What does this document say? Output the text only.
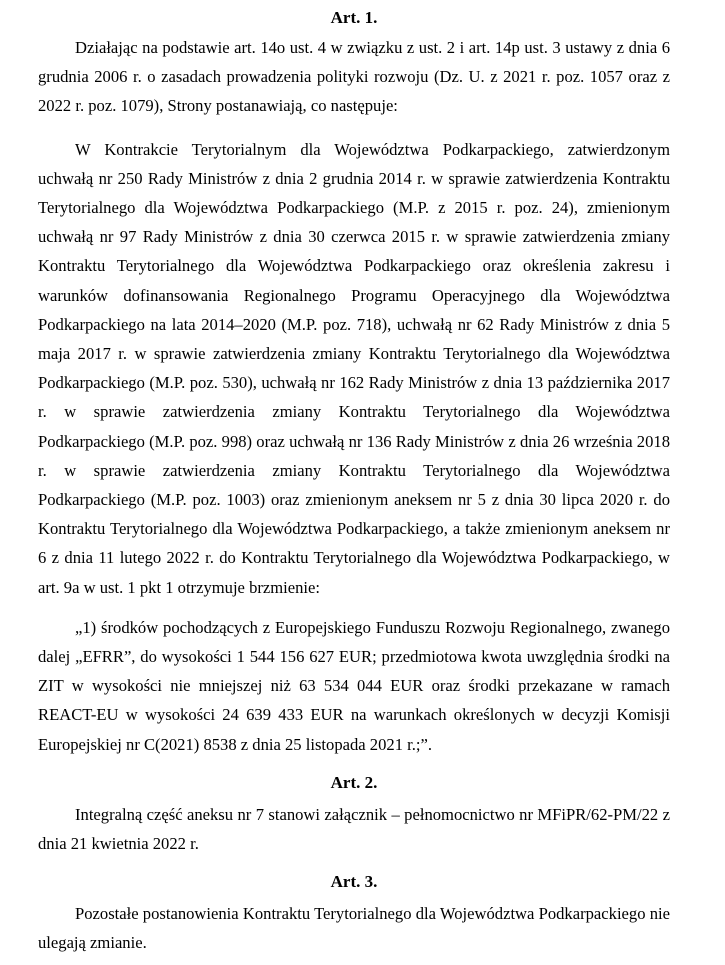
Art. 1.

Działając na podstawie art. 14o ust. 4 w związku z ust. 2 i art. 14p ust. 3 ustawy z dnia 6 grudnia 2006 r. o zasadach prowadzenia polityki rozwoju (Dz. U. z 2021 r. poz. 1057 oraz z 2022 r. poz. 1079), Strony postanawiają, co następuje:

W Kontrakcie Terytorialnym dla Województwa Podkarpackiego, zatwierdzonym uchwałą nr 250 Rady Ministrów z dnia 2 grudnia 2014 r. w sprawie zatwierdzenia Kontraktu Terytorialnego dla Województwa Podkarpackiego (M.P. z 2015 r. poz. 24), zmienionym uchwałą nr 97 Rady Ministrów z dnia 30 czerwca 2015 r. w sprawie zatwierdzenia zmiany Kontraktu Terytorialnego dla Województwa Podkarpackiego oraz określenia zakresu i warunków dofinansowania Regionalnego Programu Operacyjnego dla Województwa Podkarpackiego na lata 2014–2020 (M.P. poz. 718), uchwałą nr 62 Rady Ministrów z dnia 5 maja 2017 r. w sprawie zatwierdzenia zmiany Kontraktu Terytorialnego dla Województwa Podkarpackiego (M.P. poz. 530), uchwałą nr 162 Rady Ministrów z dnia 13 października 2017 r. w sprawie zatwierdzenia zmiany Kontraktu Terytorialnego dla Województwa Podkarpackiego (M.P. poz. 998) oraz uchwałą nr 136 Rady Ministrów z dnia 26 września 2018 r. w sprawie zatwierdzenia zmiany Kontraktu Terytorialnego dla Województwa Podkarpackiego (M.P. poz. 1003) oraz zmienionym aneksem nr 5 z dnia 30 lipca 2020 r. do Kontraktu Terytorialnego dla Województwa Podkarpackiego, a także zmienionym aneksem nr 6 z dnia 11 lutego 2022 r. do Kontraktu Terytorialnego dla Województwa Podkarpackiego, w art. 9a w ust. 1 pkt 1 otrzymuje brzmienie:

„1) środków pochodzących z Europejskiego Funduszu Rozwoju Regionalnego, zwanego dalej „EFRR”, do wysokości 1 544 156 627 EUR; przedmiotowa kwota uwzględnia środki na ZIT w wysokości nie mniejszej niż 63 534 044 EUR oraz środki przekazane w ramach REACT-EU w wysokości 24 639 433 EUR na warunkach określonych w decyzji Komisji Europejskiej nr C(2021) 8538 z dnia 25 listopada 2021 r.;”.

Art. 2.

Integralną część aneksu nr 7 stanowi załącznik – pełnomocnictwo nr MFiPR/62-PM/22 z dnia 21 kwietnia 2022 r.

Art. 3.

Pozostałe postanowienia Kontraktu Terytorialnego dla Województwa Podkarpackiego nie ulegają zmianie.
